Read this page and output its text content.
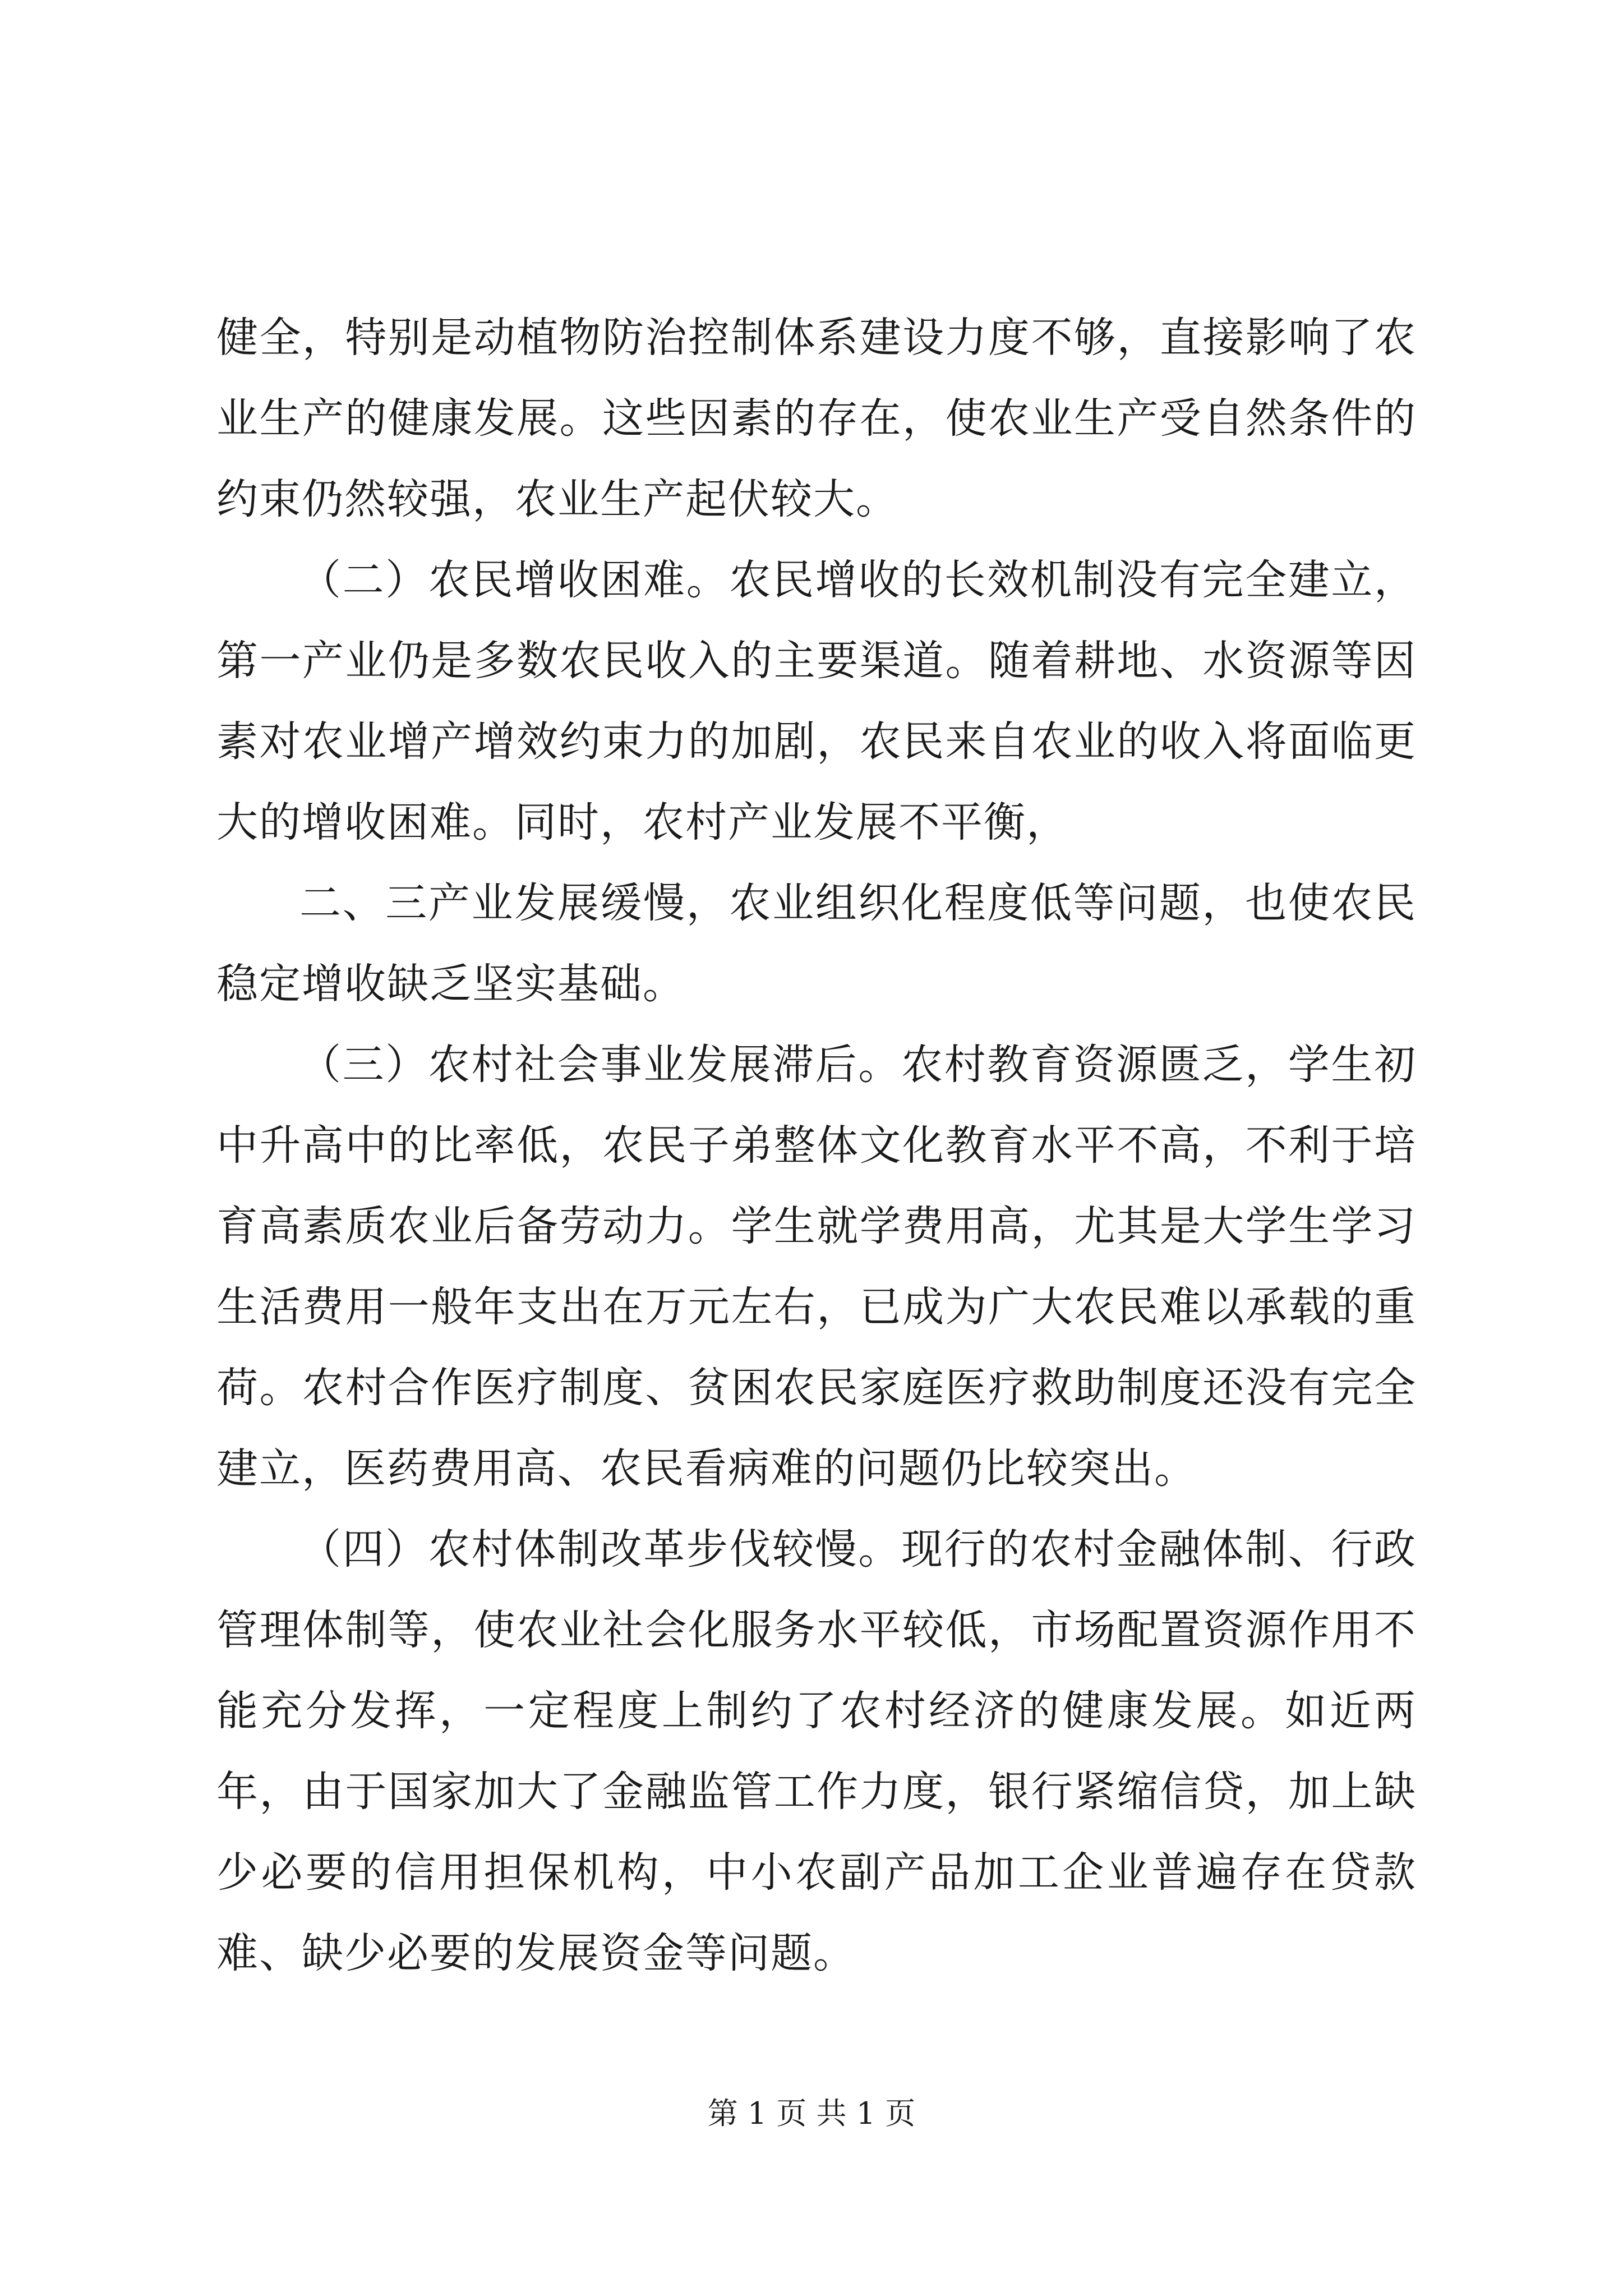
健全，特别是动植物防治控制体系建设力度不够，直接影响了农业生产的健康发展。这些因素的存在，使农业生产受自然条件的约束仍然较强，农业生产起伏较大。

（二）农民增收困难。农民增收的长效机制没有完全建立，第一产业仍是多数农民收入的主要渠道。随着耕地、水资源等因素对农业增产增效约束力的加剧，农民来自农业的收入将面临更大的增收困难。同时，农村产业发展不平衡，

二、三产业发展缓慢，农业组织化程度低等问题，也使农民稳定增收缺乏坚实基础。

（三）农村社会事业发展滞后。农村教育资源匮乏，学生初中升高中的比率低，农民子弟整体文化教育水平不高，不利于培育高素质农业后备劳动力。学生就学费用高，尤其是大学生学习生活费用一般年支出在万元左右，已成为广大农民难以承载的重荷。农村合作医疗制度、贫困农民家庭医疗救助制度还没有完全建立，医药费用高、农民看病难的问题仍比较突出。

（四）农村体制改革步伐较慢。现行的农村金融体制、行政管理体制等，使农业社会化服务水平较低，市场配置资源作用不能充分发挥，一定程度上制约了农村经济的健康发展。如近两年，由于国家加大了金融监管工作力度，银行紧缩信贷，加上缺少必要的信用担保机构，中小农副产品加工企业普遍存在贷款难、缺少必要的发展资金等问题。

第 1 页 共 1 页
